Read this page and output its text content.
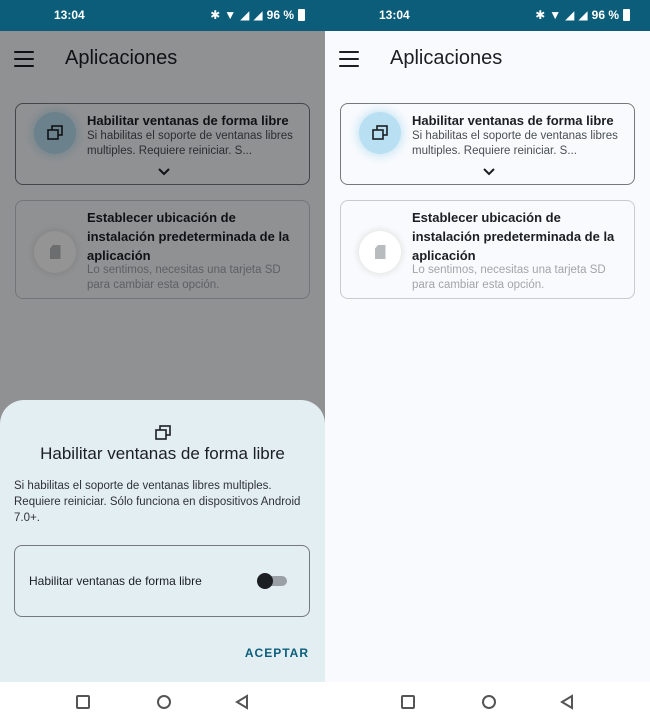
Aplicaciones
Habilitar ventanas de forma libre
Si habilitas el soporte de ventanas libres multiples. Requiere reiniciar. S...
Establecer ubicación de instalación predeterminada de la aplicación
Lo sentimos, necesitas una tarjeta SD para cambiar esta opción.
13:04	✱ ▼ ◢ ◢ 96 %
Habilitar ventanas de forma libre
Si habilitas el soporte de ventanas libres multiples. Requiere reiniciar. Sólo funciona en dispositivos Android 7.0+.
Habilitar ventanas de forma libre
ACEPTAR
13:04	✱ ▼ ◢ ◢ 96 %
Aplicaciones
Habilitar ventanas de forma libre
Si habilitas el soporte de ventanas libres multiples. Requiere reiniciar. S...
Establecer ubicación de instalación predeterminada de la aplicación
Lo sentimos, necesitas una tarjeta SD para cambiar esta opción.
